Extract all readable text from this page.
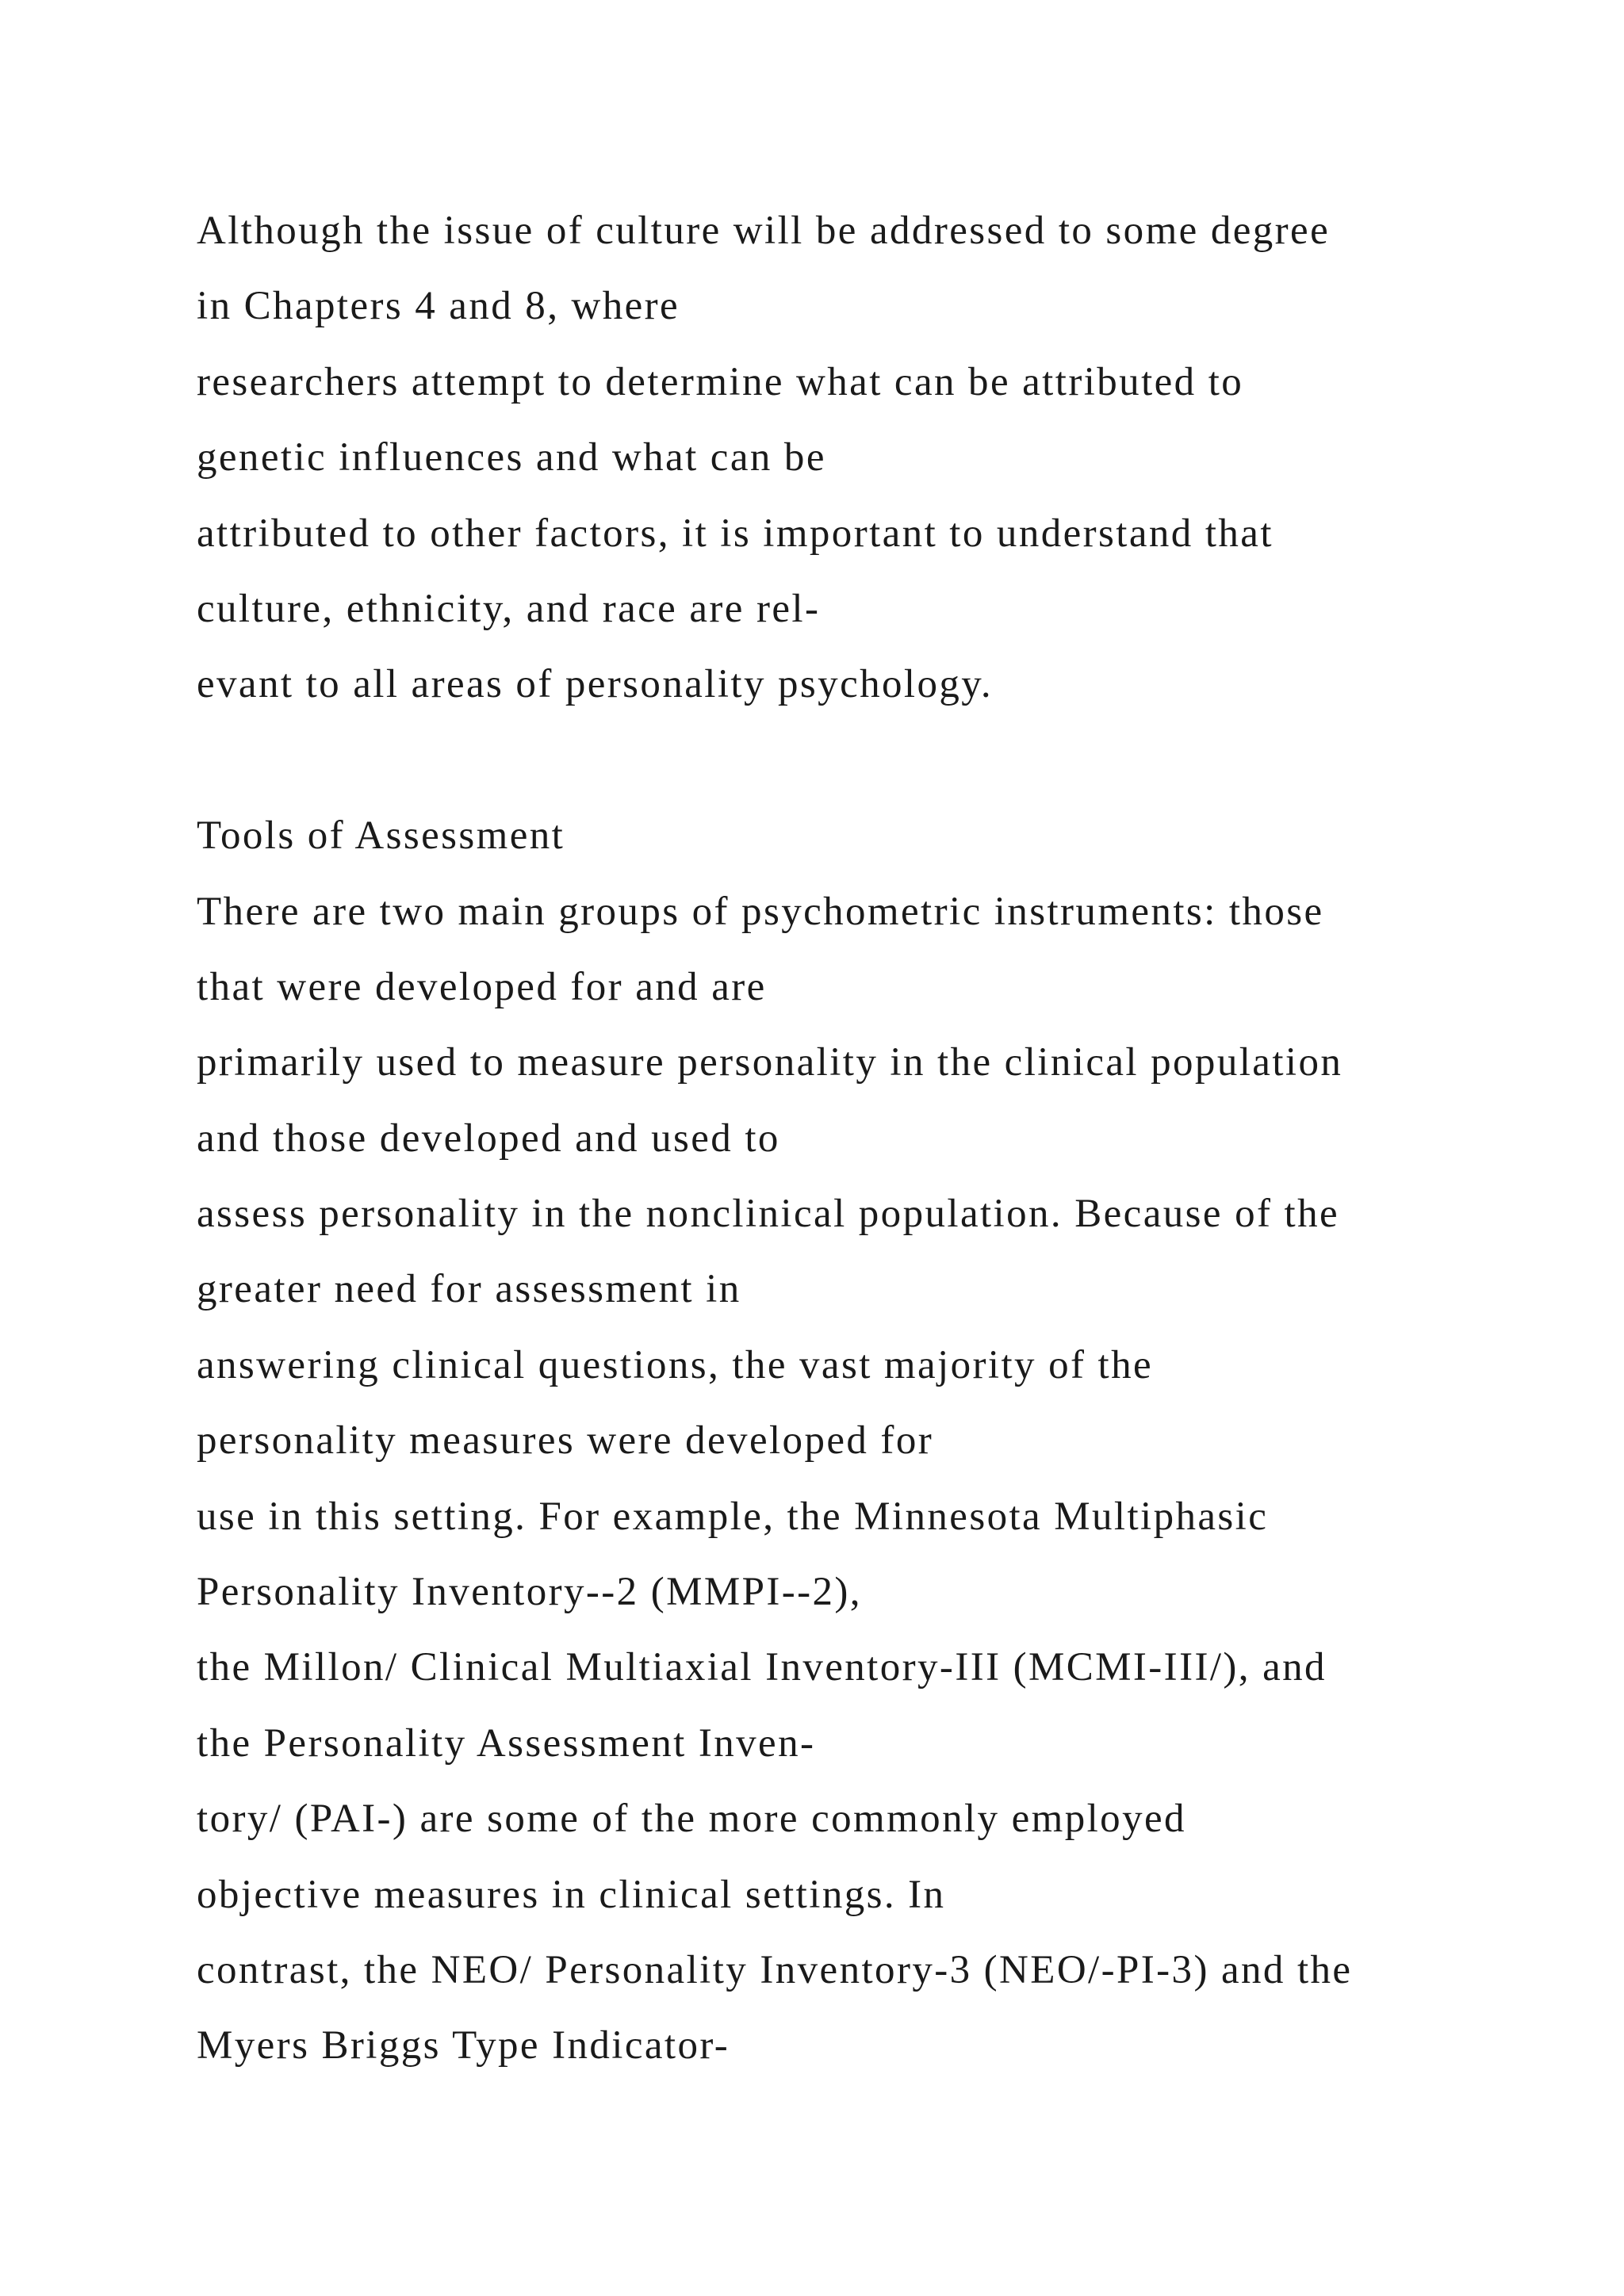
Although the issue of culture will be addressed to some degree
in Chapters 4 and 8, where
researchers attempt to determine what can be attributed to
genetic influences and what can be
attributed to other factors, it is important to understand that
culture, ethnicity, and race are rel-
evant to all areas of personality psychology.
Tools of Assessment
There are two main groups of psychometric instruments: those
that were developed for and are
primarily used to measure personality in the clinical population
and those developed and used to
assess personality in the nonclinical population. Because of the
greater need for assessment in
answering clinical questions, the vast majority of the
personality measures were developed for
use in this setting. For example, the Minnesota Multiphasic
Personality Inventory--2 (MMPI--2),
the Millon/ Clinical Multiaxial Inventory-III (MCMI-III/), and
the Personality Assessment Inven-
tory/ (PAI-) are some of the more commonly employed
objective measures in clinical settings. In
contrast, the NEO/ Personality Inventory-3 (NEO/-PI-3) and the
Myers Briggs Type Indicator-
